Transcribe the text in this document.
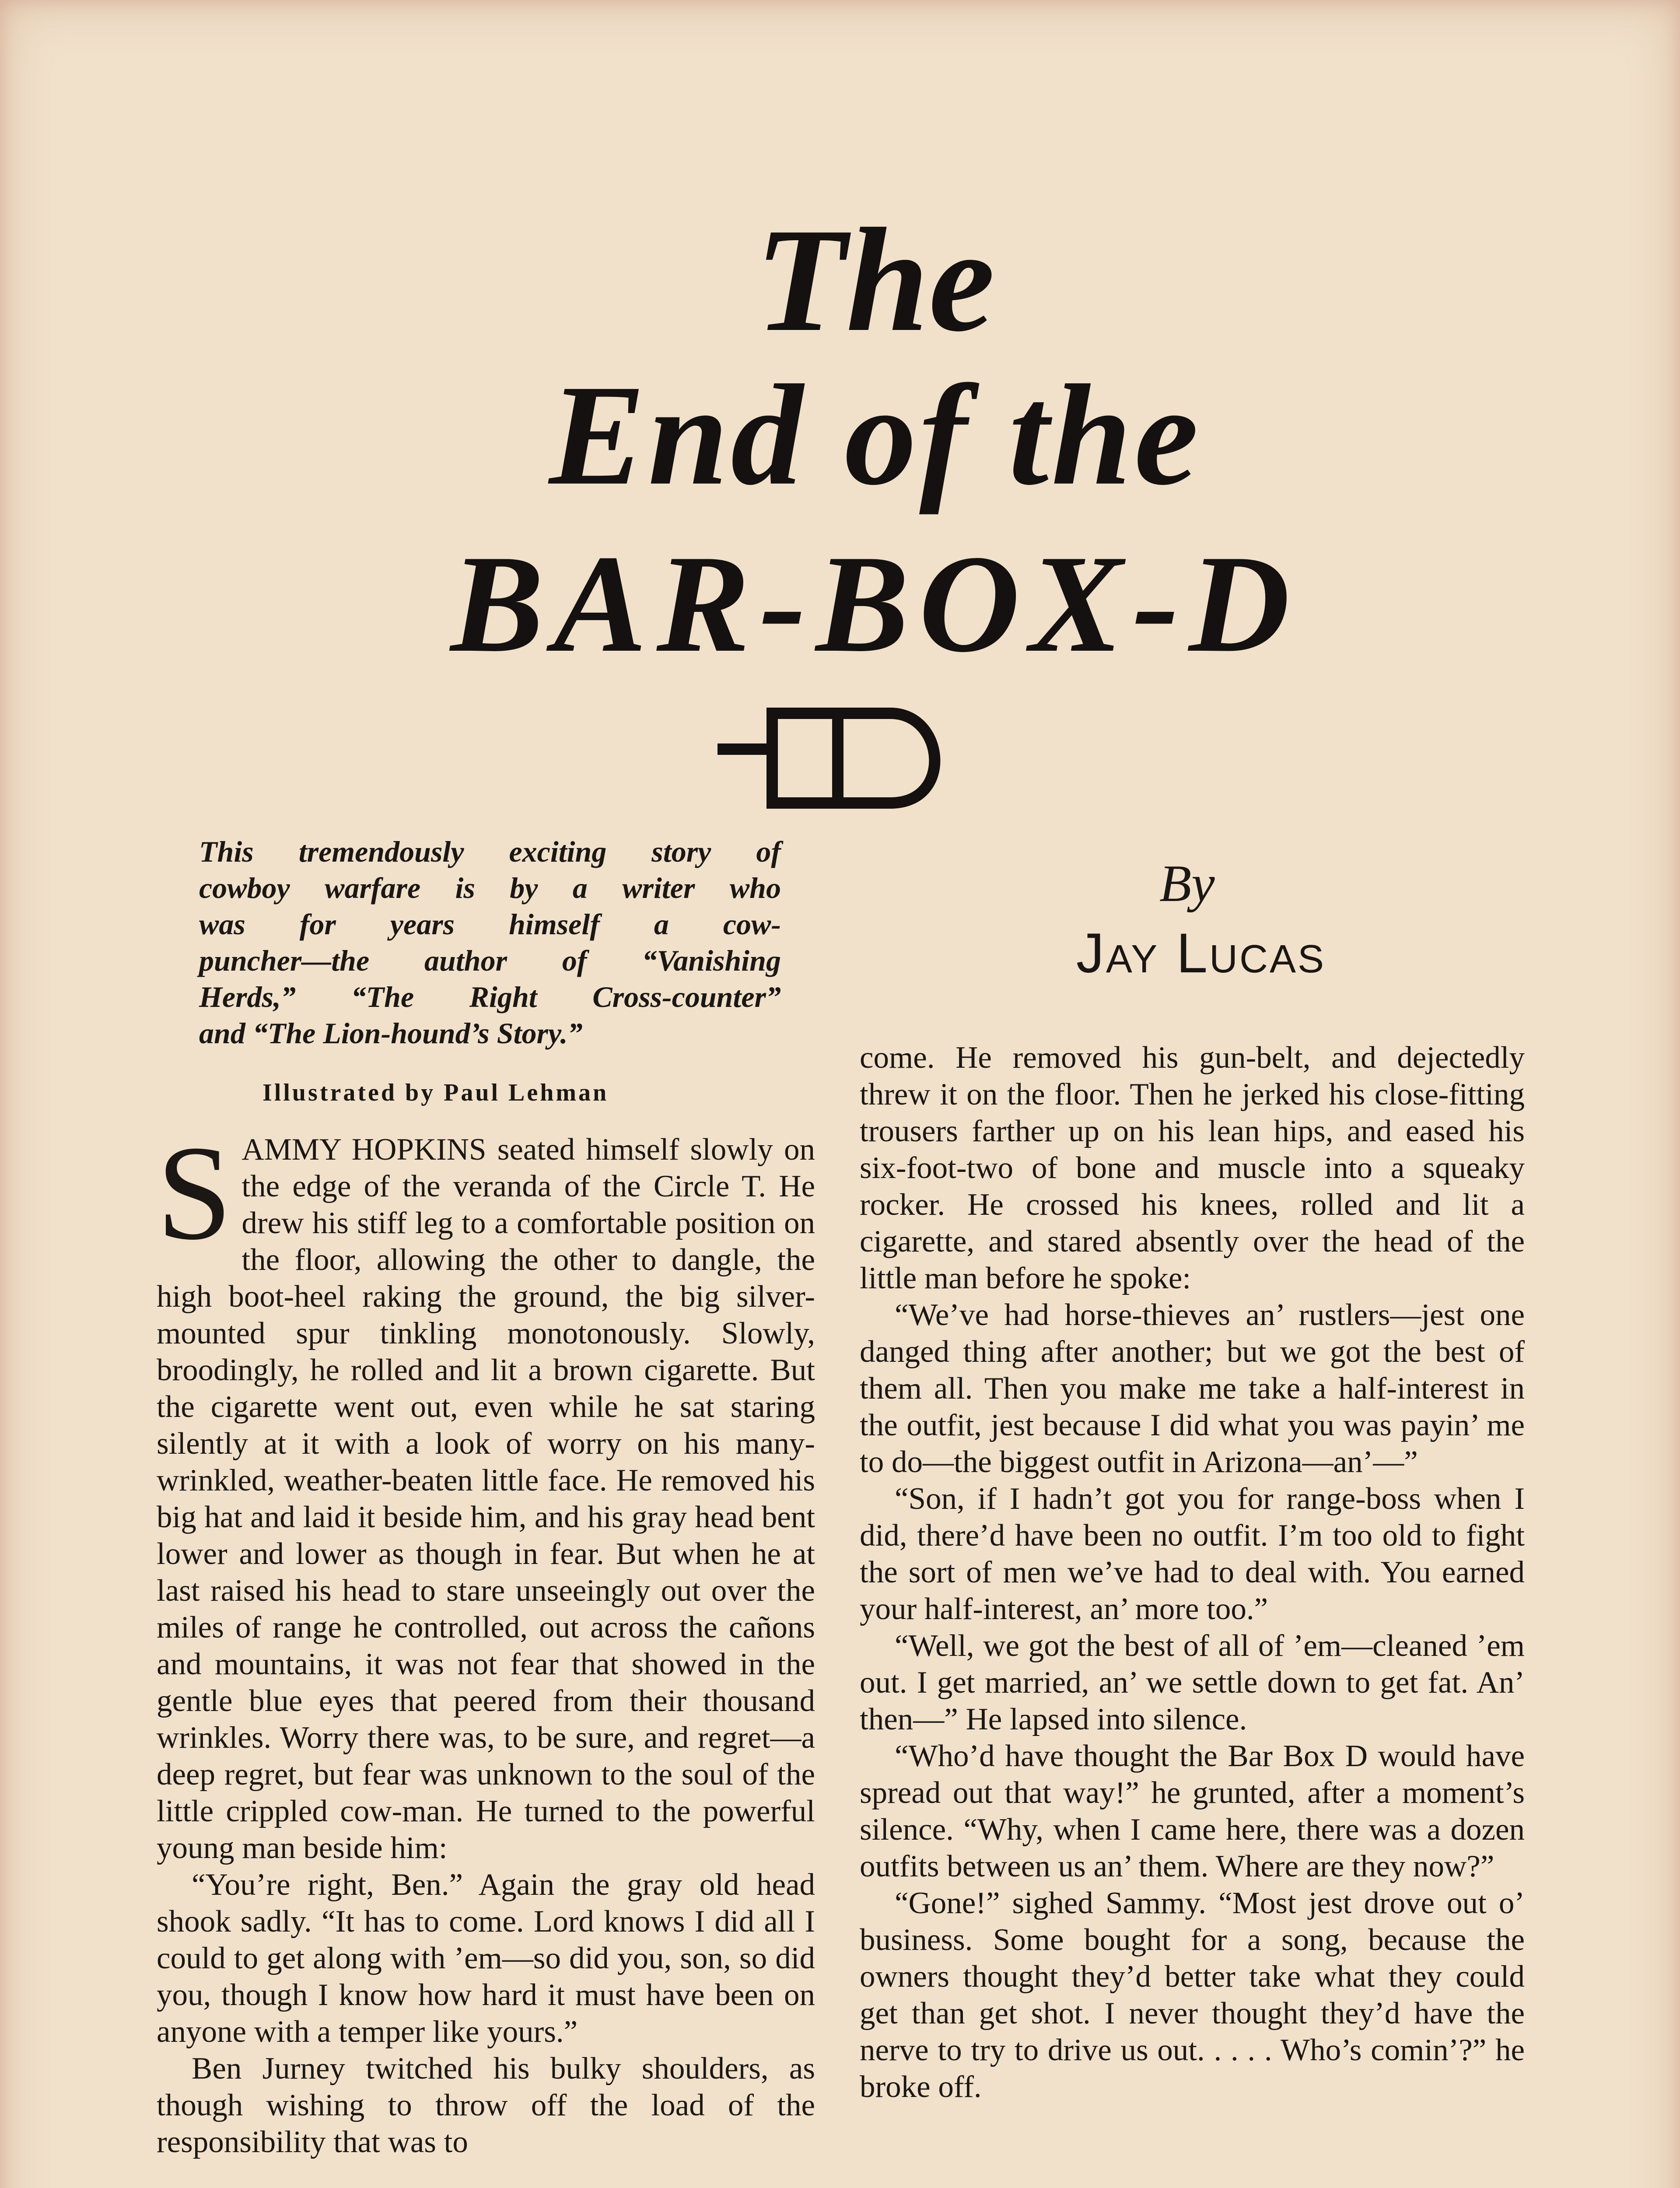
The
End of the
BAR-BOX-D
This tremendously exciting story of
cowboy warfare is by a writer who
was for years himself a cow-
puncher—the author of “Vanishing
Herds,” “The Right Cross-counter”
and “The Lion-hound’s Story.”

Illustrated by Paul Lehman

By

Jay Lucas

SAMMY HOPKINS seated himself slowly on the edge of the veranda of the Circle T. He drew his stiff leg to a comfortable position on the floor, allowing the other to dangle, the high boot-heel raking the ground, the big silver-mounted spur tinkling monotonously. Slowly, broodingly, he rolled and lit a brown cigarette. But the cigarette went out, even while he sat staring silently at it with a look of worry on his many-wrinkled, weather-beaten little face. He removed his big hat and laid it beside him, and his gray head bent lower and lower as though in fear. But when he at last raised his head to stare unseeingly out over the miles of range he controlled, out across the cañons and mountains, it was not fear that showed in the gentle blue eyes that peered from their thousand wrinkles. Worry there was, to be sure, and regret—a deep regret, but fear was unknown to the soul of the little crippled cow-man. He turned to the powerful young man beside him:

“You’re right, Ben.” Again the gray old head shook sadly. “It has to come. Lord knows I did all I could to get along with ’em—so did you, son, so did you, though I know how hard it must have been on anyone with a temper like yours.”

Ben Jurney twitched his bulky shoulders, as though wishing to throw off the load of the responsibility that was to

come. He removed his gun-belt, and dejectedly threw it on the floor. Then he jerked his close-fitting trousers farther up on his lean hips, and eased his six-foot-two of bone and muscle into a squeaky rocker. He crossed his knees, rolled and lit a cigarette, and stared absently over the head of the little man before he spoke:

“We’ve had horse-thieves an’ rustlers—jest one danged thing after another; but we got the best of them all. Then you make me take a half-interest in the outfit, jest because I did what you was payin’ me to do—the biggest outfit in Arizona—an’—”

“Son, if I hadn’t got you for range-boss when I did, there’d have been no outfit. I’m too old to fight the sort of men we’ve had to deal with. You earned your half-interest, an’ more too.”

“Well, we got the best of all of ’em—cleaned ’em out. I get married, an’ we settle down to get fat. An’ then—” He lapsed into silence.

“Who’d have thought the Bar Box D would have spread out that way!” he grunted, after a moment’s silence. “Why, when I came here, there was a dozen outfits between us an’ them. Where are they now?”

“Gone!” sighed Sammy. “Most jest drove out o’ business. Some bought for a song, because the owners thought they’d better take what they could get than get shot. I never thought they’d have the nerve to try to drive us out. . . . . Who’s comin’?” he broke off.
